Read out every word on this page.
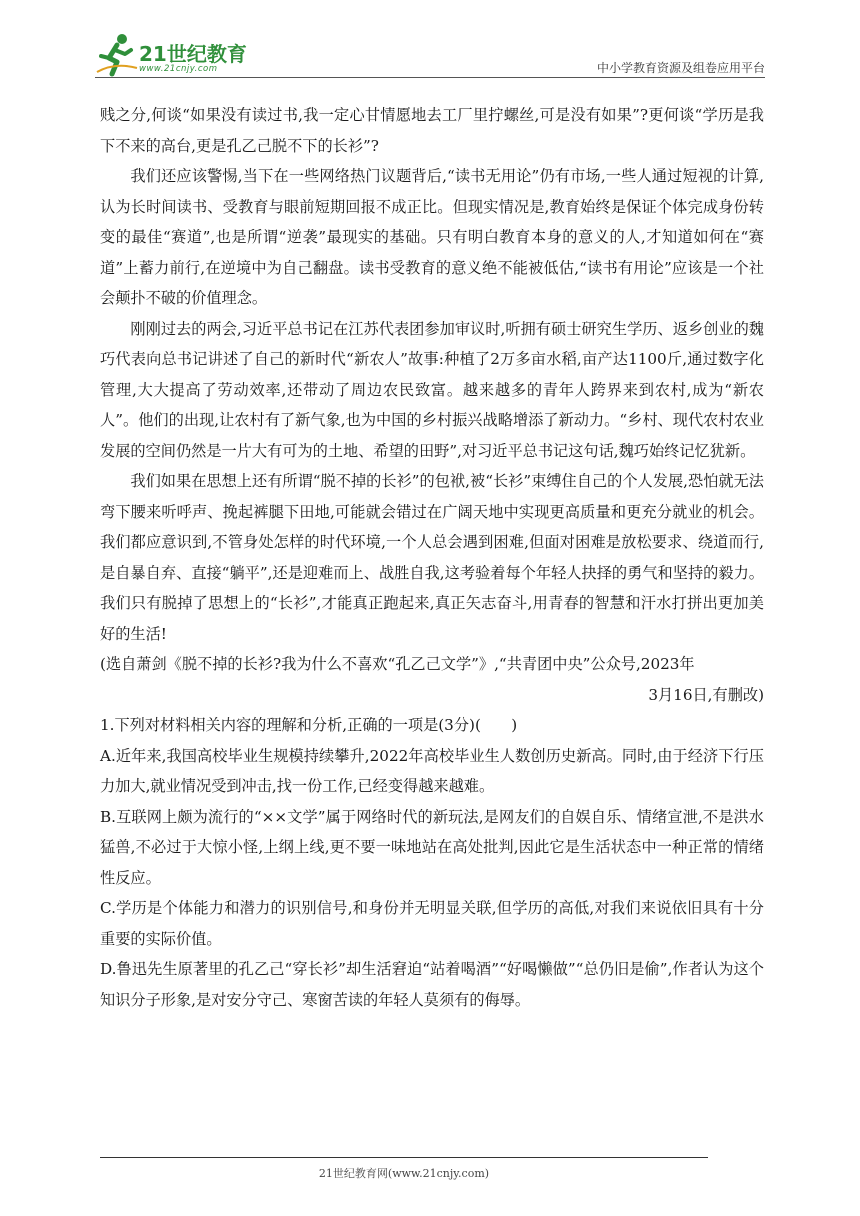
21世纪教育
www.21cnjy.com	中小学教育资源及组卷应用平台

贱之分,何谈“如果没有读过书,我一定心甘情愿地去工厂里拧螺丝,可是没有如果”?更何谈“学历是我下不来的高台,更是孔乙己脱不下的长衫”?

我们还应该警惕,当下在一些网络热门议题背后,“读书无用论”仍有市场,一些人通过短视的计算,认为长时间读书、受教育与眼前短期回报不成正比。但现实情况是,教育始终是保证个体完成身份转变的最佳“赛道”,也是所谓“逆袭”最现实的基础。只有明白教育本身的意义的人,才知道如何在“赛道”上蓄力前行,在逆境中为自己翻盘。读书受教育的意义绝不能被低估,“读书有用论”应该是一个社会颠扑不破的价值理念。

刚刚过去的两会,习近平总书记在江苏代表团参加审议时,听拥有硕士研究生学历、返乡创业的魏巧代表向总书记讲述了自己的新时代“新农人”故事:种植了2万多亩水稻,亩产达1100斤,通过数字化管理,大大提高了劳动效率,还带动了周边农民致富。越来越多的青年人跨界来到农村,成为“新农人”。他们的出现,让农村有了新气象,也为中国的乡村振兴战略增添了新动力。“乡村、现代农村农业发展的空间仍然是一片大有可为的土地、希望的田野”,对习近平总书记这句话,魏巧始终记忆犹新。

我们如果在思想上还有所谓“脱不掉的长衫”的包袱,被“长衫”束缚住自己的个人发展,恐怕就无法弯下腰来听呼声、挽起裤腿下田地,可能就会错过在广阔天地中实现更高质量和更充分就业的机会。我们都应意识到,不管身处怎样的时代环境,一个人总会遇到困难,但面对困难是放松要求、绕道而行,是自暴自弃、直接“躺平”,还是迎难而上、战胜自我,这考验着每个年轻人抉择的勇气和坚持的毅力。我们只有脱掉了思想上的“长衫”,才能真正跑起来,真正矢志奋斗,用青春的智慧和汗水打拼出更加美好的生活!

(选自萧剑《脱不掉的长衫?我为什么不喜欢“孔乙己文学”》,“共青团中央”公众号,2023年

3月16日,有删改)

1.下列对材料相关内容的理解和分析,正确的一项是(3分)(　　)

A.近年来,我国高校毕业生规模持续攀升,2022年高校毕业生人数创历史新高。同时,由于经济下行压力加大,就业情况受到冲击,找一份工作,已经变得越来越难。

B.互联网上颇为流行的“××文学”属于网络时代的新玩法,是网友们的自娱自乐、情绪宣泄,不是洪水猛兽,不必过于大惊小怪,上纲上线,更不要一味地站在高处批判,因此它是生活状态中一种正常的情绪性反应。

C.学历是个体能力和潜力的识别信号,和身份并无明显关联,但学历的高低,对我们来说依旧具有十分重要的实际价值。

D.鲁迅先生原著里的孔乙己“穿长衫”却生活窘迫“站着喝酒”“好喝懒做”“总仍旧是偷”,作者认为这个知识分子形象,是对安分守己、寒窗苦读的年轻人莫须有的侮辱。

21世纪教育网(www.21cnjy.com)
